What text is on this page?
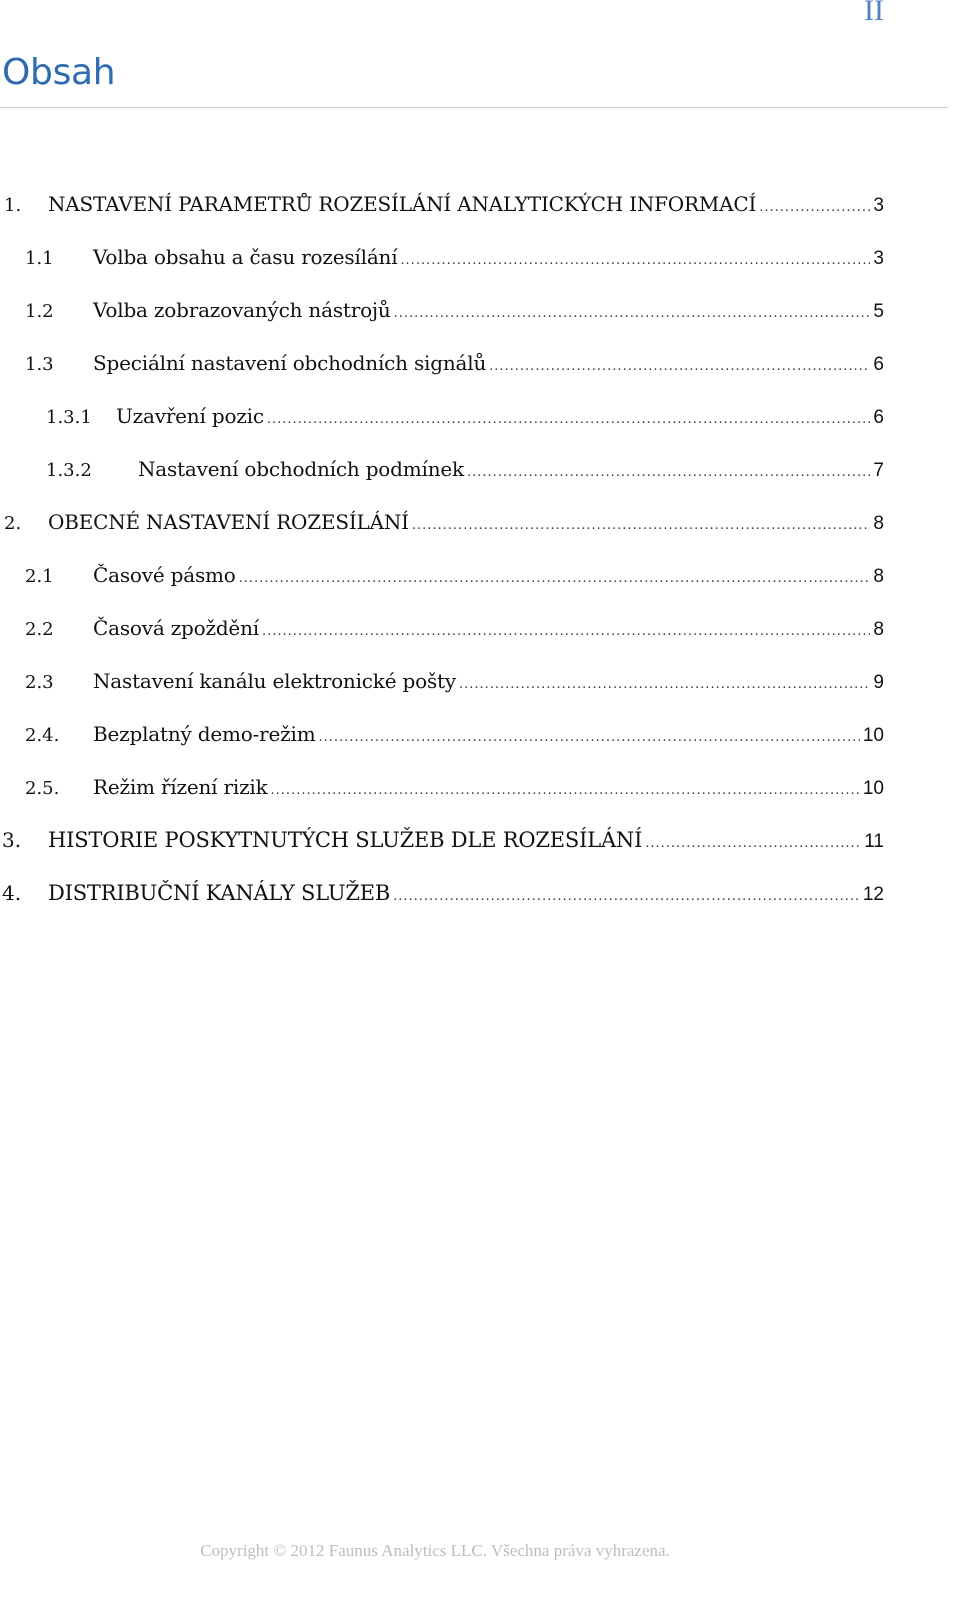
II
Obsah
1.	NASTAVENÍ PARAMETRŮ ROZESÍLÁNÍ ANALYTICKÝCH INFORMACÍ .....	3
1.1	Volba obsahu a času rozesílání .....	3
1.2	Volba zobrazovaných nástrojů .....	5
1.3	Speciální nastavení obchodních signálů .....	6
1.3.1	Uzavření pozic .....	6
1.3.2	Nastavení obchodních podmínek .....	7
2.	OBECNÉ NASTAVENÍ ROZESÍLÁNÍ .....	8
2.1	Časové pásmo .....	8
2.2	Časová zpoždění .....	8
2.3	Nastavení kanálu elektronické pošty .....	9
2.4.	Bezplatný demo-režim .....	10
2.5.	Režim řízení rizik .....	10
3.	HISTORIE POSKYTNUTÝCH SLUŽEB DLE ROZESÍLÁNÍ .....	11
4.	DISTRIBUČNÍ KANÁLY SLUŽEB .....	12
Copyright © 2012 Faunus Analytics LLC. Všechna práva vyhrazena.
